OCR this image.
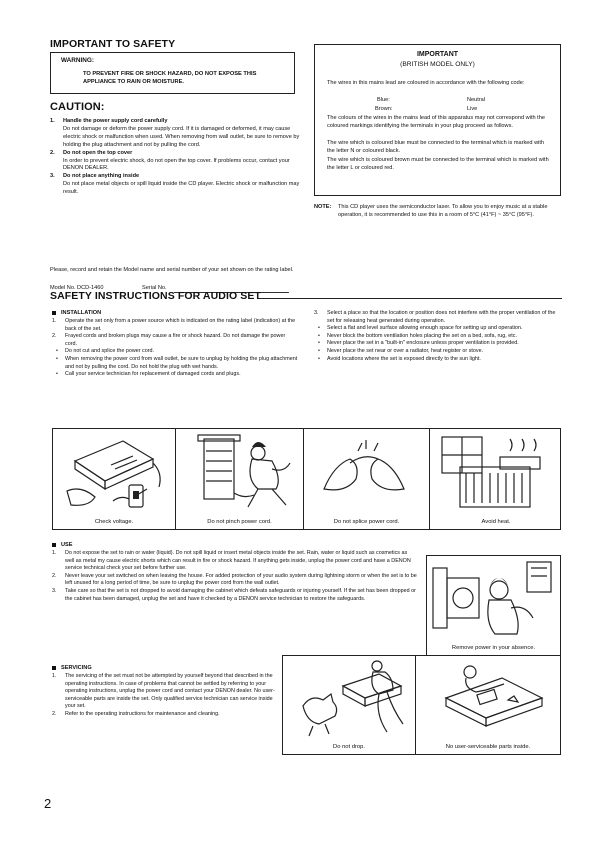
IMPORTANT TO SAFETY
WARNING:
TO PREVENT FIRE OR SHOCK HAZARD, DO NOT EXPOSE THIS APPLIANCE TO RAIN OR MOISTURE.
CAUTION:
1. Handle the power supply cord carefully
Do not damage or deform the power supply cord. If it is damaged or deformed, it may cause electric shock or malfunction when used. When removing from wall outlet, be sure to remove by holding the plug attachment and not by pulling the cord.
2. Do not open the top cover
In order to prevent electric shock, do not open the top cover. If problems occur, contact your DENON DEALER.
3. Do not place anything inside
Do not place metal objects or spill liquid inside the CD player. Electric shock or malfunction may result.
Please, record and retain the Model name and serial number of your set shown on the rating label.
Model No. DCD-1460	Serial No.
IMPORTANT
(BRITISH MODEL ONLY)
The wires in this mains lead are coloured in accordance with the following code:
Blue:	Neutral
Brown:	Live
The colours of the wires in the mains lead of this apparatus may not correspond with the coloured markings identifying the terminals in your plug proceed as follows.
The wire which is coloured blue must be connected to the terminal which is marked with the letter N or coloured black.
The wire which is coloured brown must be connected to the terminal which is marked with the letter L or coloured red.
NOTE: This CD player uses the semiconductor laser. To allow you to enjoy music at a stable operation, it is recommended to use this in a room of 5°C (41°F) ~ 35°C (95°F).
SAFETY INSTRUCTIONS FOR AUDIO SET
INSTALLATION
1. Operate the set only from a power source which is indicated on the rating label (indication) at the back of the set.
2. Frayed cords and broken plugs may cause a fire or shock hazard. Do not damage the power cord.
• Do not cut and splice the power cord.
• When removing the power cord from wall outlet, be sure to unplug by holding the plug attachment and not by pulling the cord. Do not hold the plug with wet hands.
• Call your service technician for replacement of damaged cords and plugs.
3. Select a place so that the location or position does not interfere with the proper ventilation of the set for releasing heat generated during operation.
• Select a flat and level surface allowing enough space for setting up and operation.
• Never block the bottom ventilation holes placing the set on a bed, sofa, rug, etc.
• Never place the set in a "built-in" enclosure unless proper ventilation is provided.
• Never place the set near or over a radiator, heat register or stove.
• Avoid locations where the set is exposed directly to the sun light.
Check voltage.	Do not pinch power cord.	Do not splice power cord.	Avoid heat.
USE
1. Do not expose the set to rain or water (liquid). Do not spill liquid or insert metal objects inside the set. Rain, water or liquid such as cosmetics as well as metal my cause electric shorts which can result in fire or shock hazard. If anything gets inside, unplug the power cord and have a DENON service technical check your set before further use.
2. Never leave your set switched on when leaving the house. For added protection of your audio system during lightning storm or when the set is to be left unused for a long period of time, be sure to unplug the power cord from the wall outlet.
3. Take care so that the set is not dropped to avoid damaging the cabinet which defeats safeguards or injuring yourself. If the set has been dropped or the cabinet has been damaged, unplug the set and have it checked by a DENON service technician to restore the safeguards.
Remove power in your absence.
SERVICING
1. The servicing of the set must not be attempted by yourself beyond that described in the operating instructions. In case of problems that cannot be settled by referring to your operating instructions, unplug the power cord and contact your DENON dealer. No user-serviceable parts are inside the set. Only qualified service technician can service inside your set.
2. Refer to the operating instructions for maintenance and cleaning.
Do not drop.	No user-serviceable parts inside.
2
